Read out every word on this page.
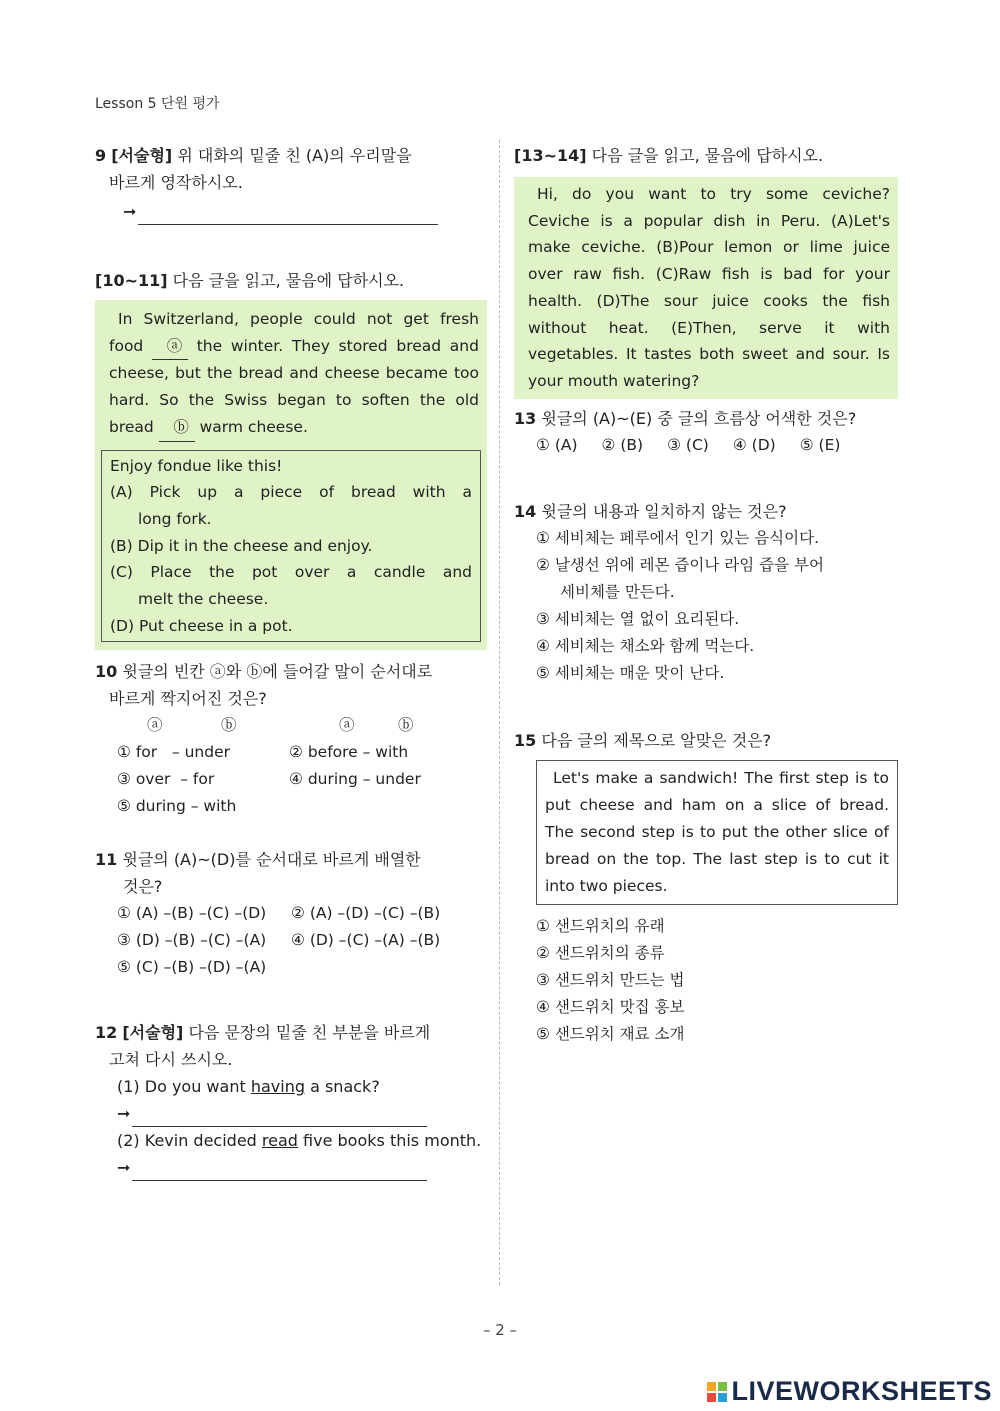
Lesson 5 단원 평가

9 [서술형] 위 대화의 밑줄 친 (A)의 우리말을

바르게 영작하시오.

➞

[10~11] 다음 글을 읽고, 물음에 답하시오.

In Switzerland, people could not get fresh food ⓐ the winter. They stored bread and cheese, but the bread and cheese became too hard. So the Swiss began to soften the old bread ⓑ warm cheese.
Enjoy fondue like this!
(A) Pick up a piece of bread with a
long fork.
(B) Dip it in the cheese and enjoy.
(C) Place the pot over a candle and
melt the cheese.
(D) Put cheese in a pot.

10 윗글의 빈칸 ⓐ와 ⓑ에 들어갈 말이 순서대로

바르게 짝지어진 것은?

ⓐ	ⓑ	ⓐ	ⓑ
① for   – under	② before – with
③ over  – for	④ during – under
⑤ during – with

11 윗글의 (A)~(D)를 순서대로 바르게 배열한

것은?

① (A) –(B) –(C) –(D)	② (A) –(D) –(C) –(B)
③ (D) –(B) –(C) –(A)	④ (D) –(C) –(A) –(B)
⑤ (C) –(B) –(D) –(A)

12 [서술형] 다음 문장의 밑줄 친 부분을 바르게

고쳐 다시 쓰시오.

(1) Do you want having a snack?

➞

(2) Kevin decided read five books this month.

➞

[13~14] 다음 글을 읽고, 물음에 답하시오.

Hi, do you want to try some ceviche? Ceviche is a popular dish in Peru. (A)Let's make ceviche. (B)Pour lemon or lime juice over raw fish. (C)Raw fish is bad for your health. (D)The sour juice cooks the fish without heat. (E)Then, serve it with vegetables. It tastes both sweet and sour. Is your mouth watering?

13 윗글의 (A)~(E) 중 글의 흐름상 어색한 것은?

① (A) ② (B) ③ (C) ④ (D) ⑤ (E)

14 윗글의 내용과 일치하지 않는 것은?

① 세비체는 페루에서 인기 있는 음식이다.
② 날생선 위에 레몬 즙이나 라임 즙을 부어
세비체를 만든다.
③ 세비체는 열 없이 요리된다.
④ 세비체는 채소와 함께 먹는다.
⑤ 세비체는 매운 맛이 난다.

15 다음 글의 제목으로 알맞은 것은?

Let's make a sandwich! The first step is to put cheese and ham on a slice of bread. The second step is to put the other slice of bread on the top. The last step is to cut it into two pieces.
① 샌드위치의 유래
② 샌드위치의 종류
③ 샌드위치 만드는 법
④ 샌드위치 맛집 홍보
⑤ 샌드위치 재료 소개
– 2 –
LIVEWORKSHEETS
